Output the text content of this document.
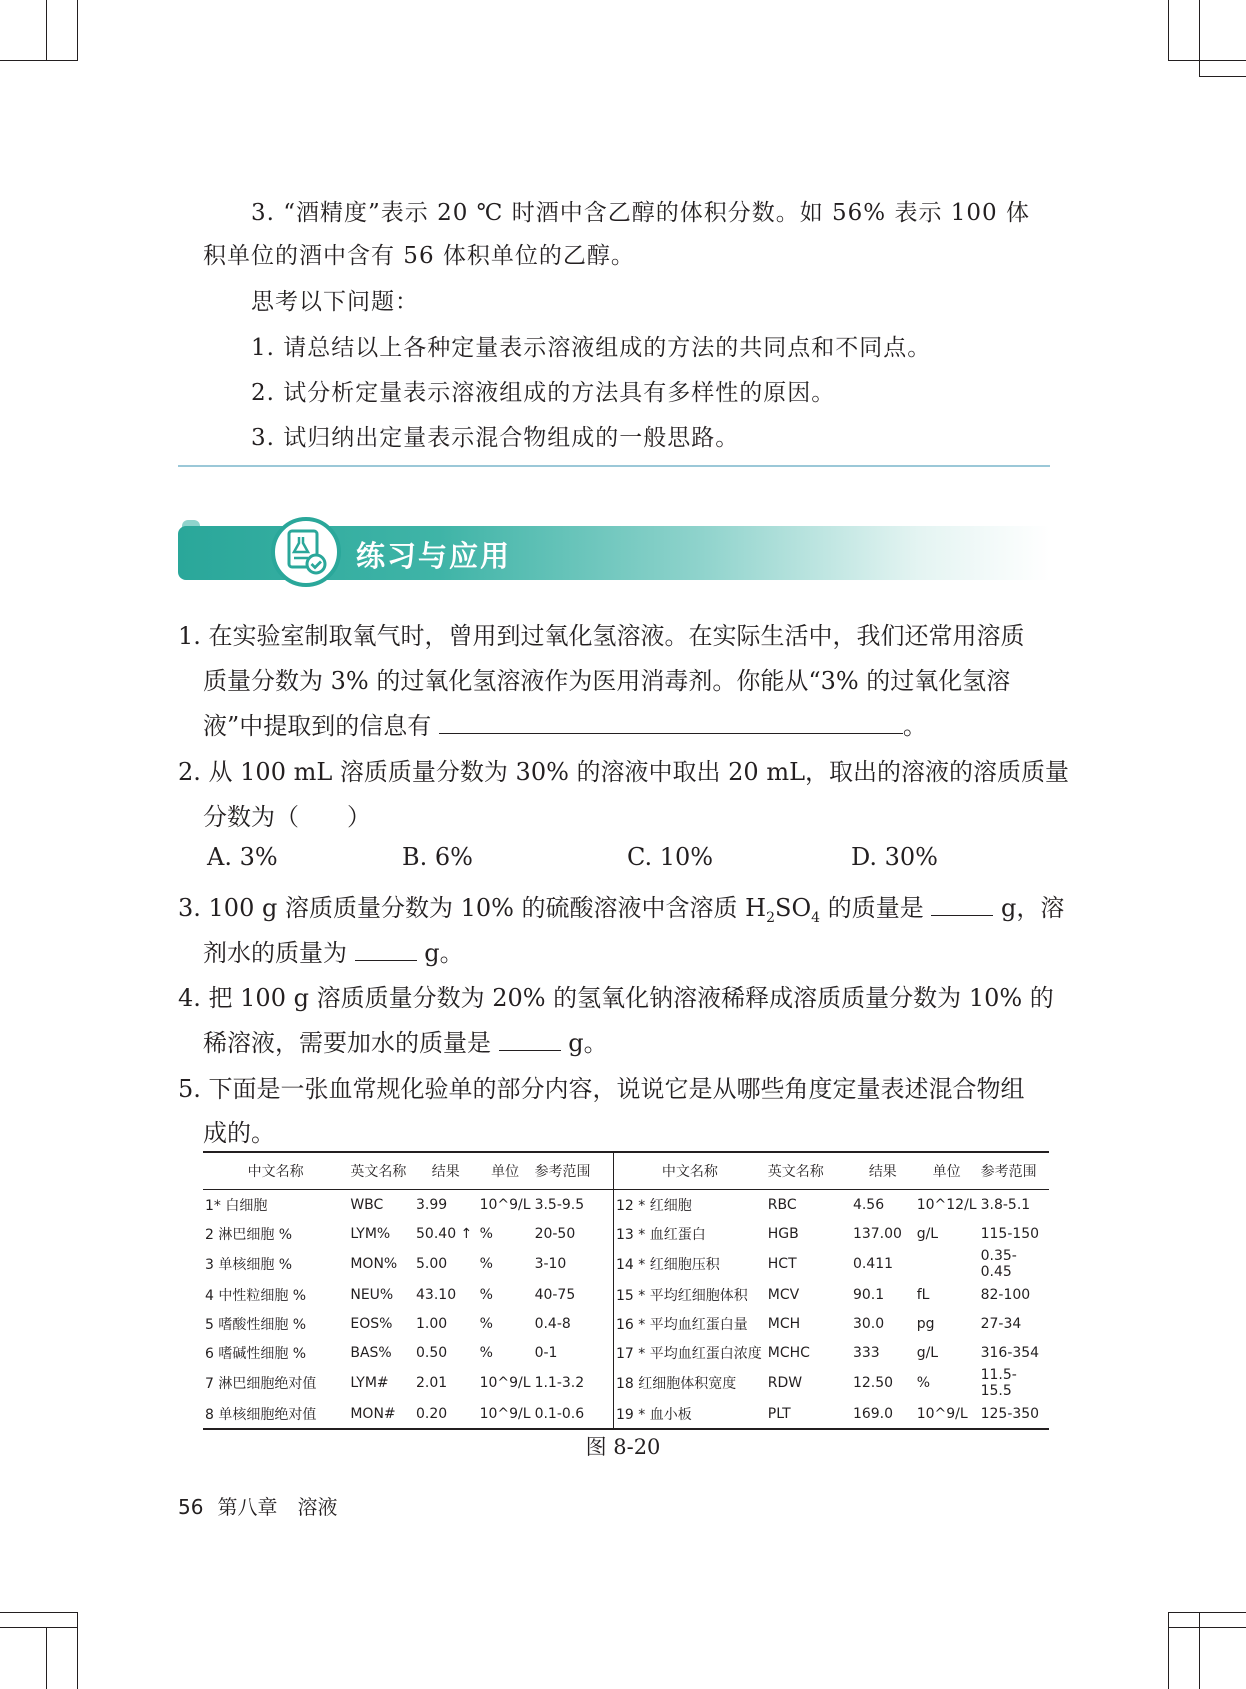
3. “酒精度”表示 20 ℃ 时酒中含乙醇的体积分数。如 56% 表示 100 体

积单位的酒中含有 56 体积单位的乙醇。

思考以下问题：

1. 请总结以上各种定量表示溶液组成的方法的共同点和不同点。

2. 试分析定量表示溶液组成的方法具有多样性的原因。

3. 试归纳出定量表示混合物组成的一般思路。

练习与应用

1. 在实验室制取氧气时，曾用到过氧化氢溶液。在实际生活中，我们还常用溶质

质量分数为 3% 的过氧化氢溶液作为医用消毒剂。你能从“3% 的过氧化氢溶

液”中提取到的信息有	。

2. 从 100 mL 溶质质量分数为 30% 的溶液中取出 20 mL，取出的溶液的溶质质量

分数为（　　）

A. 3%	B. 6%	C. 10%	D. 30%

3. 100 g 溶质质量分数为 10% 的硫酸溶液中含溶质 $H_2SO_4$ 的质量是	g，溶

剂水的质量为	g。

4. 把 100 g 溶质质量分数为 20% 的氢氧化钠溶液稀释成溶质质量分数为 10% 的

稀溶液，需要加水的质量是	g。

5. 下面是一张血常规化验单的部分内容，说说它是从哪些角度定量表述混合物组

成的。

中文名称	英文名称	结果	单位	参考范围	中文名称	英文名称	结果	单位	参考范围
1* 白细胞	WBC	3.99	10^9/L	3.5-9.5	12 * 红细胞	RBC	4.56	10^12/L	3.8-5.1
2 淋巴细胞 %	LYM%	50.40 ↑	%	20-50	13 * 血红蛋白	HGB	137.00	g/L	115-150
3 单核细胞 %	MON%	5.00	%	3-10	14 * 红细胞压积	HCT	0.411		0.35-0.45
4 中性粒细胞 %	NEU%	43.10	%	40-75	15 * 平均红细胞体积	MCV	90.1	fL	82-100
5 嗜酸性细胞 %	EOS%	1.00	%	0.4-8	16 * 平均血红蛋白量	MCH	30.0	pg	27-34
6 嗜碱性细胞 %	BAS%	0.50	%	0-1	17 * 平均血红蛋白浓度	MCHC	333	g/L	316-354
7 淋巴细胞绝对值	LYM#	2.01	10^9/L	1.1-3.2	18 红细胞体积宽度	RDW	12.50	%	11.5-15.5
8 单核细胞绝对值	MON#	0.20	10^9/L	0.1-0.6	19 * 血小板	PLT	169.0	10^9/L	125-350
图 8-20
56 第八章　溶液
